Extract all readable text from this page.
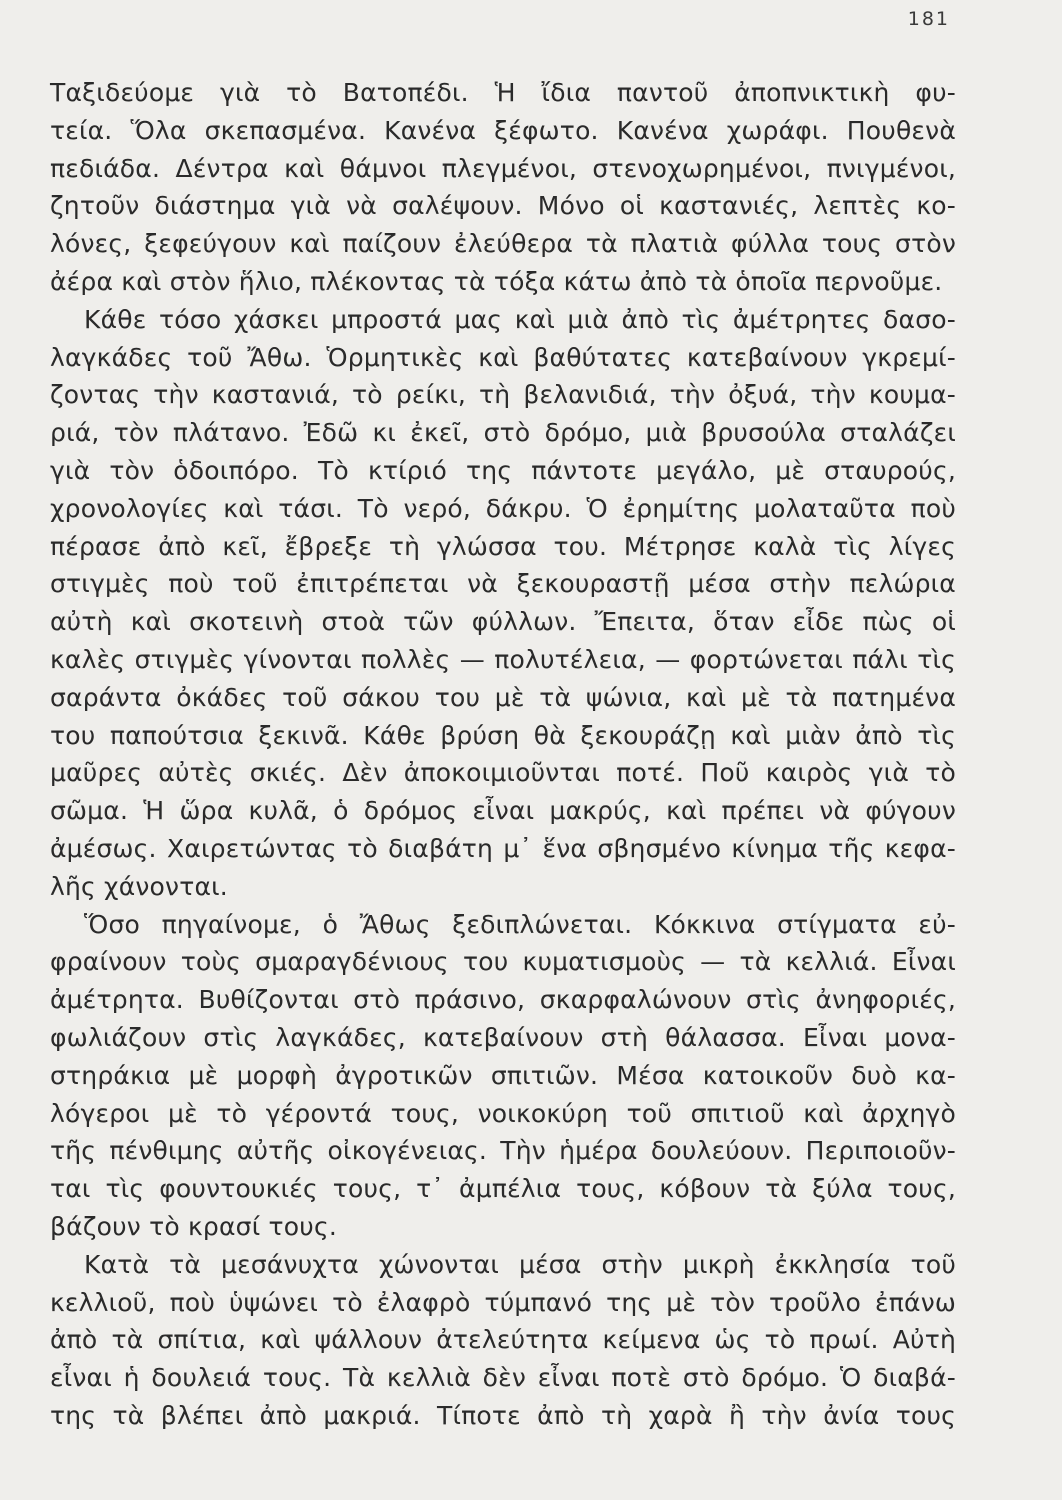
181
Ταξιδεύομε γιὰ τὸ Βατοπέδι. Ἡ ἴδια παντοῦ ἀποπνικτικὴ φυ-
τεία. Ὅλα σκεπασμένα. Κανένα ξέφωτο. Κανένα χωράφι. Πουθενὰ
πεδιάδα. Δέντρα καὶ θάμνοι πλεγμένοι, στενοχωρημένοι, πνιγμένοι,
ζητοῦν διάστημα γιὰ νὰ σαλέψουν. Μόνο οἱ καστανιές, λεπτὲς κο-
λόνες, ξεφεύγουν καὶ παίζουν ἐλεύθερα τὰ πλατιὰ φύλλα τους στὸν
ἀέρα καὶ στὸν ἥλιο, πλέκοντας τὰ τόξα κάτω ἀπὸ τὰ ὁποῖα περνοῦμε.
Κάθε τόσο χάσκει μπροστά μας καὶ μιὰ ἀπὸ τὶς ἀμέτρητες δασο-
λαγκάδες τοῦ Ἄθω. Ὁρμητικὲς καὶ βαθύτατες κατεβαίνουν γκρεμί-
ζοντας τὴν καστανιά, τὸ ρείκι, τὴ βελανιδιά, τὴν ὀξυά, τὴν κουμα-
ριά, τὸν πλάτανο. Ἐδῶ κι ἐκεῖ, στὸ δρόμο, μιὰ βρυσούλα σταλάζει
γιὰ τὸν ὁδοιπόρο. Τὸ κτίριό της πάντοτε μεγάλο, μὲ σταυρούς,
χρονολογίες καὶ τάσι. Τὸ νερό, δάκρυ. Ὁ ἐρημίτης μολαταῦτα ποὺ
πέρασε ἀπὸ κεῖ, ἔβρεξε τὴ γλώσσα του. Μέτρησε καλὰ τὶς λίγες
στιγμὲς ποὺ τοῦ ἐπιτρέπεται νὰ ξεκουραστῇ μέσα στὴν πελώρια
αὐτὴ καὶ σκοτεινὴ στοὰ τῶν φύλλων. Ἔπειτα, ὅταν εἶδε πὼς οἱ
καλὲς στιγμὲς γίνονται πολλὲς — πολυτέλεια, — φορτώνεται πάλι τὶς
σαράντα ὀκάδες τοῦ σάκου του μὲ τὰ ψώνια, καὶ μὲ τὰ πατημένα
του παπούτσια ξεκινᾶ. Κάθε βρύση θὰ ξεκουράζῃ καὶ μιὰν ἀπὸ τὶς
μαῦρες αὐτὲς σκιές. Δὲν ἀποκοιμιοῦνται ποτέ. Ποῦ καιρὸς γιὰ τὸ
σῶμα. Ἡ ὥρα κυλᾶ, ὁ δρόμος εἶναι μακρύς, καὶ πρέπει νὰ φύγουν
ἀμέσως. Χαιρετώντας τὸ διαβάτη μ᾽ ἕνα σβησμένο κίνημα τῆς κεφα-
λῆς χάνονται.
Ὅσο πηγαίνομε, ὁ Ἄθως ξεδιπλώνεται. Κόκκινα στίγματα εὐ-
φραίνουν τοὺς σμαραγδένιους του κυματισμοὺς — τὰ κελλιά. Εἶναι
ἀμέτρητα. Βυθίζονται στὸ πράσινο, σκαρφαλώνουν στὶς ἀνηφοριές,
φωλιάζουν στὶς λαγκάδες, κατεβαίνουν στὴ θάλασσα. Εἶναι μονα-
στηράκια μὲ μορφὴ ἀγροτικῶν σπιτιῶν. Μέσα κατοικοῦν δυὸ κα-
λόγεροι μὲ τὸ γέροντά τους, νοικοκύρη τοῦ σπιτιοῦ καὶ ἀρχηγὸ
τῆς πένθιμης αὐτῆς οἰκογένειας. Τὴν ἡμέρα δουλεύουν. Περιποιοῦν-
ται τὶς φουντουκιές τους, τ᾽ ἀμπέλια τους, κόβουν τὰ ξύλα τους,
βάζουν τὸ κρασί τους.
Κατὰ τὰ μεσάνυχτα χώνονται μέσα στὴν μικρὴ ἐκκλησία τοῦ
κελλιοῦ, ποὺ ὑψώνει τὸ ἐλαφρὸ τύμπανό της μὲ τὸν τροῦλο ἐπάνω
ἀπὸ τὰ σπίτια, καὶ ψάλλουν ἀτελεύτητα κείμενα ὡς τὸ πρωί. Αὐτὴ
εἶναι ἡ δουλειά τους. Τὰ κελλιὰ δὲν εἶναι ποτὲ στὸ δρόμο. Ὁ διαβά-
της τὰ βλέπει ἀπὸ μακριά. Τίποτε ἀπὸ τὴ χαρὰ ἢ τὴν ἀνία τους
